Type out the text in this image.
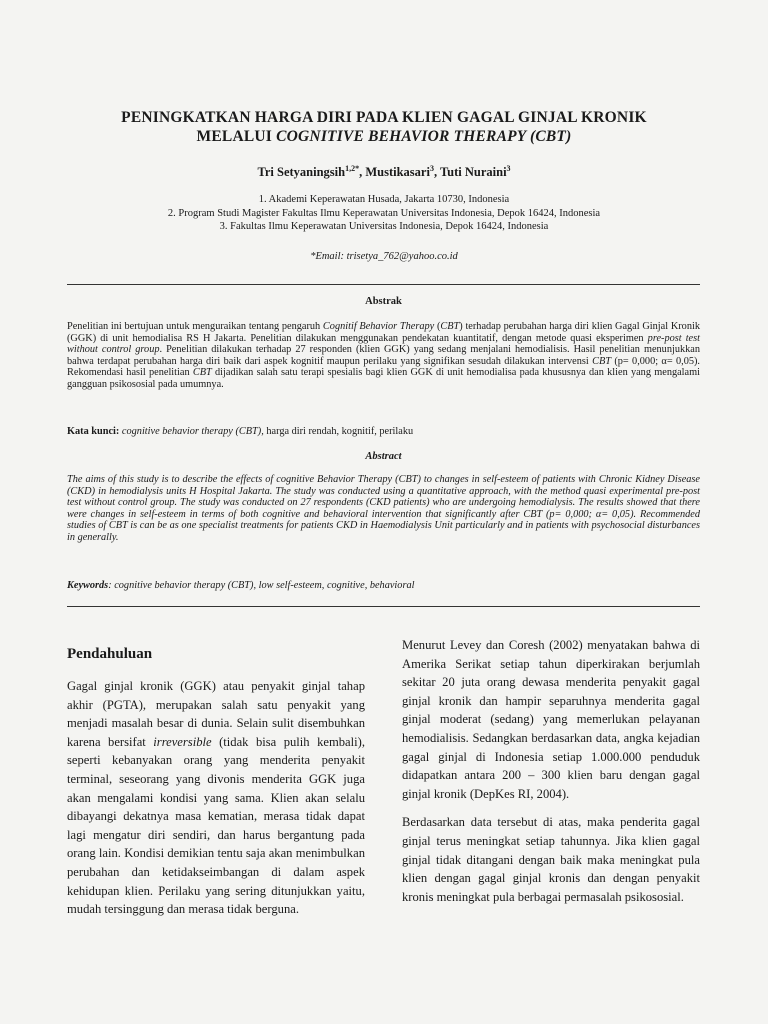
PENINGKATKAN HARGA DIRI PADA KLIEN GAGAL GINJAL KRONIK
MELALUI COGNITIVE BEHAVIOR THERAPY (CBT)
Tri Setyaningsih$^{1,2*}$, Mustikasari$^3$, Tuti Nuraini$^3$
1. Akademi Keperawatan Husada, Jakarta 10730, Indonesia
2. Program Studi Magister Fakultas Ilmu Keperawatan Universitas Indonesia, Depok 16424, Indonesia
3. Fakultas Ilmu Keperawatan Universitas Indonesia, Depok 16424, Indonesia
*Email: trisetya_762@yahoo.co.id
Abstrak
Penelitian ini bertujuan untuk menguraikan tentang pengaruh Cognitif Behavior Therapy (CBT) terhadap perubahan harga diri klien Gagal Ginjal Kronik (GGK) di unit hemodialisa RS H Jakarta. Penelitian dilakukan menggunakan pendekatan kuantitatif, dengan metode quasi eksperimen pre-post test without control group. Penelitian dilakukan terhadap 27 responden (klien GGK) yang sedang menjalani hemodialisis. Hasil penelitian menunjukkan bahwa terdapat perubahan harga diri baik dari aspek kognitif maupun perilaku yang signifikan sesudah dilakukan intervensi CBT (p= 0,000; α= 0,05). Rekomendasi hasil penelitian CBT dijadikan salah satu terapi spesialis bagi klien GGK di unit hemodialisa pada khususnya dan klien yang mengalami gangguan psikososial pada umumnya.
Kata kunci: cognitive behavior therapy (CBT), harga diri rendah, kognitif, perilaku
Abstract
The aims of this study is to describe the effects of cognitive Behavior Therapy (CBT) to changes in self-esteem of patients with Chronic Kidney Disease (CKD) in hemodialysis units H Hospital Jakarta. The study was conducted using a quantitative approach, with the method quasi experimental pre-post test without control group. The study was conducted on 27 respondents (CKD patients) who are undergoing hemodialysis. The results showed that there were changes in self-esteem in terms of both cognitive and behavioral intervention that significantly after CBT (p= 0,000; α= 0,05). Recommended studies of CBT is can be as one specialist treatments for patients CKD in Haemodialysis Unit particularly and in patients with psychosocial disturbances in generally.
Keywords: cognitive behavior therapy (CBT), low self-esteem, cognitive, behavioral
Pendahuluan

Gagal ginjal kronik (GGK) atau penyakit ginjal tahap akhir (PGTA), merupakan salah satu penyakit yang menjadi masalah besar di dunia. Selain sulit disembuhkan karena bersifat irreversible (tidak bisa pulih kembali), seperti kebanyakan orang yang menderita penyakit terminal, seseorang yang divonis menderita GGK juga akan mengalami kondisi yang sama. Klien akan selalu dibayangi dekatnya masa kematian, merasa tidak dapat lagi mengatur diri sendiri, dan harus bergantung pada orang lain. Kondisi demikian tentu saja akan menimbulkan perubahan dan ketidakseimbangan di dalam aspek kehidupan klien. Perilaku yang sering ditunjukkan yaitu, mudah tersinggung dan merasa tidak berguna.

Menurut Levey dan Coresh (2002) menyatakan bahwa di Amerika Serikat setiap tahun diperkirakan berjumlah sekitar 20 juta orang dewasa menderita penyakit gagal ginjal kronik dan hampir separuhnya menderita gagal ginjal moderat (sedang) yang memerlukan pelayanan hemodialisis. Sedangkan berdasarkan data, angka kejadian gagal ginjal di Indonesia setiap 1.000.000 penduduk didapatkan antara 200 – 300 klien baru dengan gagal ginjal kronik (DepKes RI, 2004).

Berdasarkan data tersebut di atas, maka penderita gagal ginjal terus meningkat setiap tahunnya. Jika klien gagal ginjal tidak ditangani dengan baik maka meningkat pula klien dengan gagal ginjal kronis dan dengan penyakit kronis meningkat pula berbagai permasalah psikososial.
